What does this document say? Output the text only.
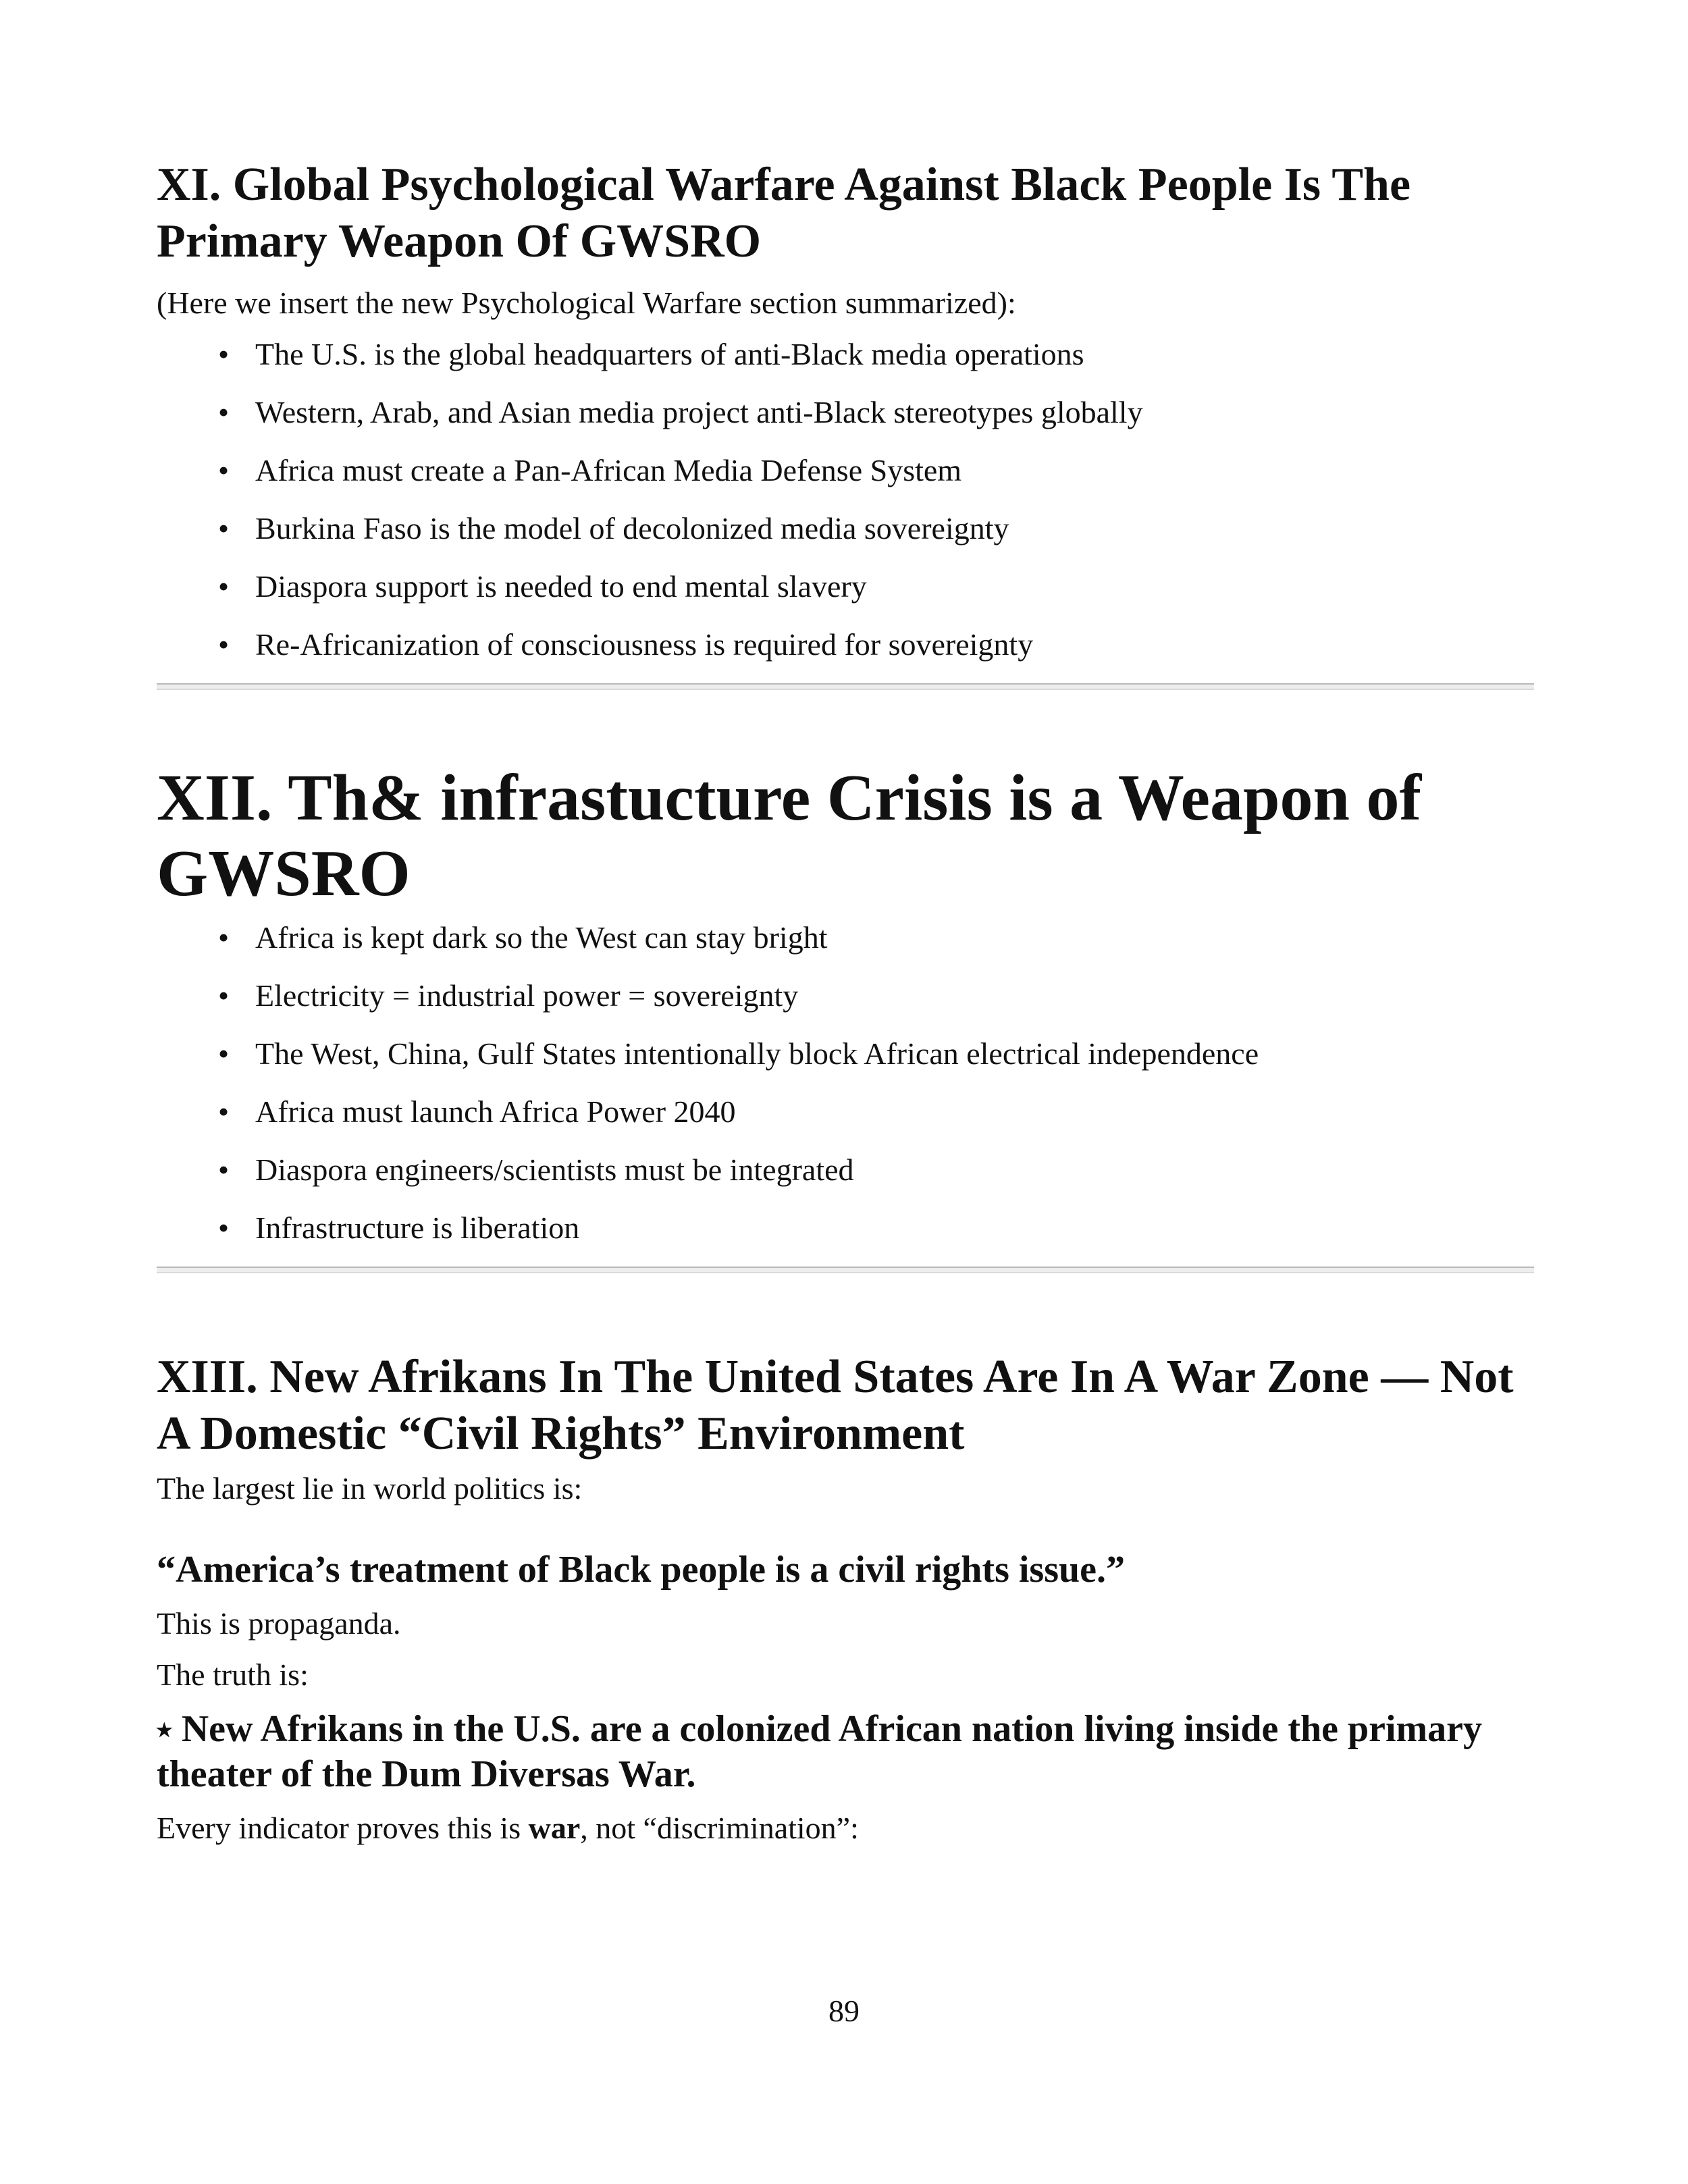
XI. Global Psychological Warfare Against Black People Is The Primary Weapon Of GWSRO

(Here we insert the new Psychological Warfare section summarized):

• The U.S. is the global headquarters of anti-Black media operations
• Western, Arab, and Asian media project anti-Black stereotypes globally
• Africa must create a Pan-African Media Defense System
• Burkina Faso is the model of decolonized media sovereignty
• Diaspora support is needed to end mental slavery
• Re-Africanization of consciousness is required for sovereignty
XII. Th& infrastucture Crisis is a Weapon of GWSRO
• Africa is kept dark so the West can stay bright
• Electricity = industrial power = sovereignty
• The West, China, Gulf States intentionally block African electrical independence
• Africa must launch Africa Power 2040
• Diaspora engineers/scientists must be integrated
• Infrastructure is liberation
XIII. New Afrikans In The United States Are In A War Zone — Not A Domestic “Civil Rights” Environment

The largest lie in world politics is:

“America’s treatment of Black people is a civil rights issue.”

This is propaganda.

The truth is:

⭑ New Afrikans in the U.S. are a colonized African nation living inside the primary theater of the Dum Diversas War.

Every indicator proves this is war, not “discrimination”:

89
